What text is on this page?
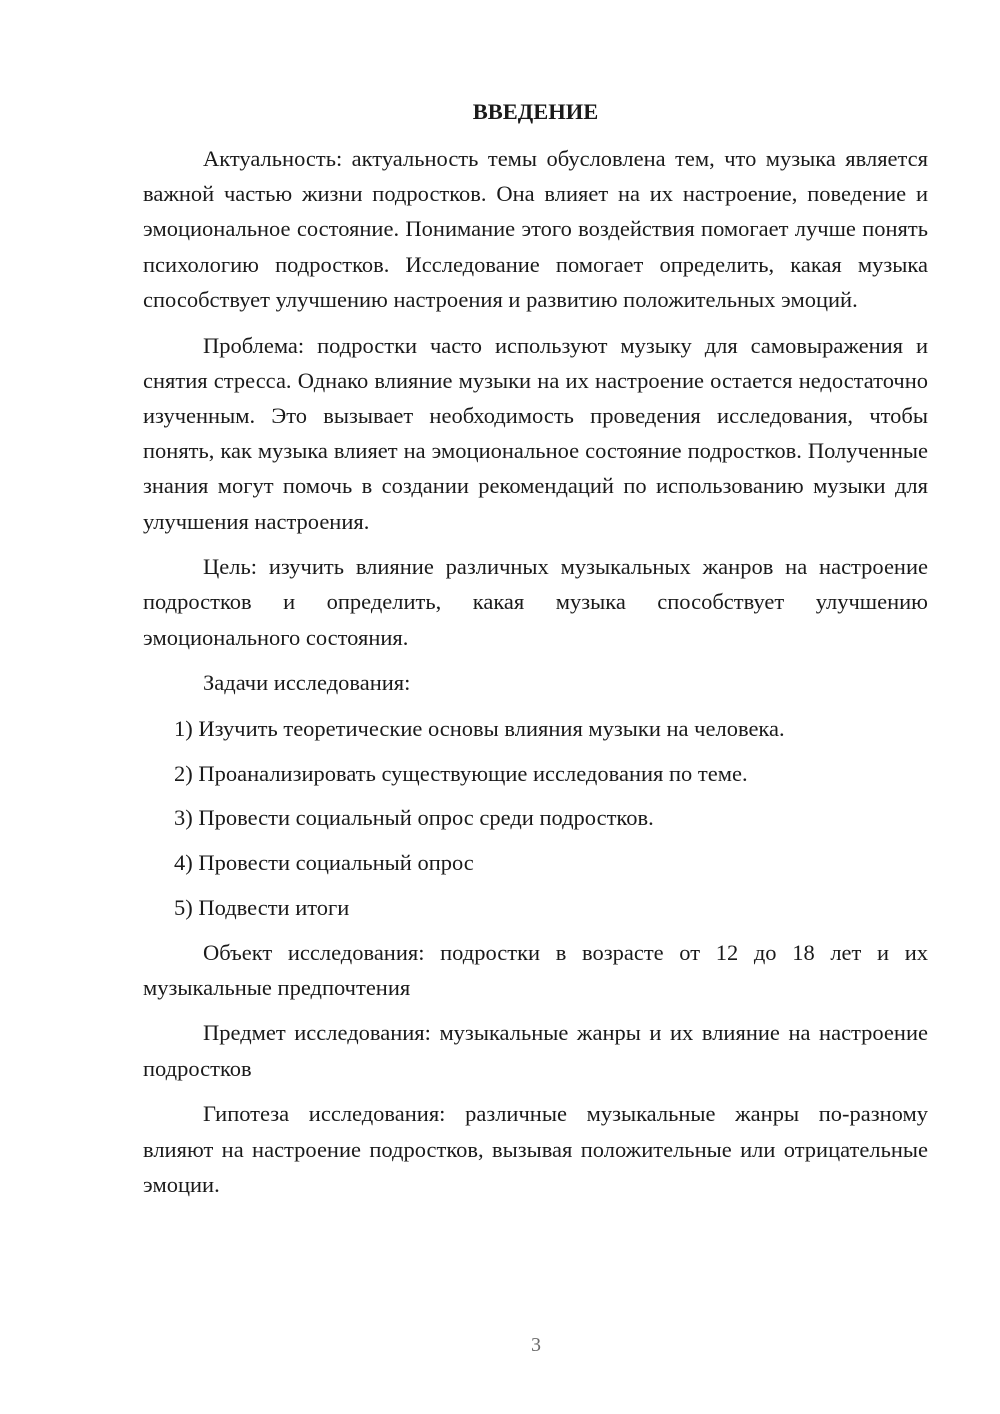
ВВЕДЕНИЕ

Актуальность: актуальность темы обусловлена тем, что музыка является важной частью жизни подростков. Она влияет на их настроение, поведение и эмоциональное состояние. Понимание этого воздействия помогает лучше понять психологию подростков. Исследование помогает определить, какая музыка способствует улучшению настроения и развитию положительных эмоций.

Проблема: подростки часто используют музыку для самовыражения и снятия стресса. Однако влияние музыки на их настроение остается недостаточно изученным. Это вызывает необходимость проведения исследования, чтобы понять, как музыка влияет на эмоциональное состояние подростков. Полученные знания могут помочь в создании рекомендаций по использованию музыки для улучшения настроения.

Цель: изучить влияние различных музыкальных жанров на настроение подростков и определить, какая музыка способствует улучшению эмоционального состояния.

Задачи исследования:

1) Изучить теоретические основы влияния музыки на человека.

2) Проанализировать существующие исследования по теме.

3) Провести социальный опрос среди подростков.

4) Провести социальный опрос

5) Подвести итоги

Объект исследования: подростки в возрасте от 12 до 18 лет и их музыкальные предпочтения

Предмет исследования: музыкальные жанры и их влияние на настроение подростков

Гипотеза исследования: различные музыкальные жанры по-разному влияют на настроение подростков, вызывая положительные или отрицательные эмоции.

3
